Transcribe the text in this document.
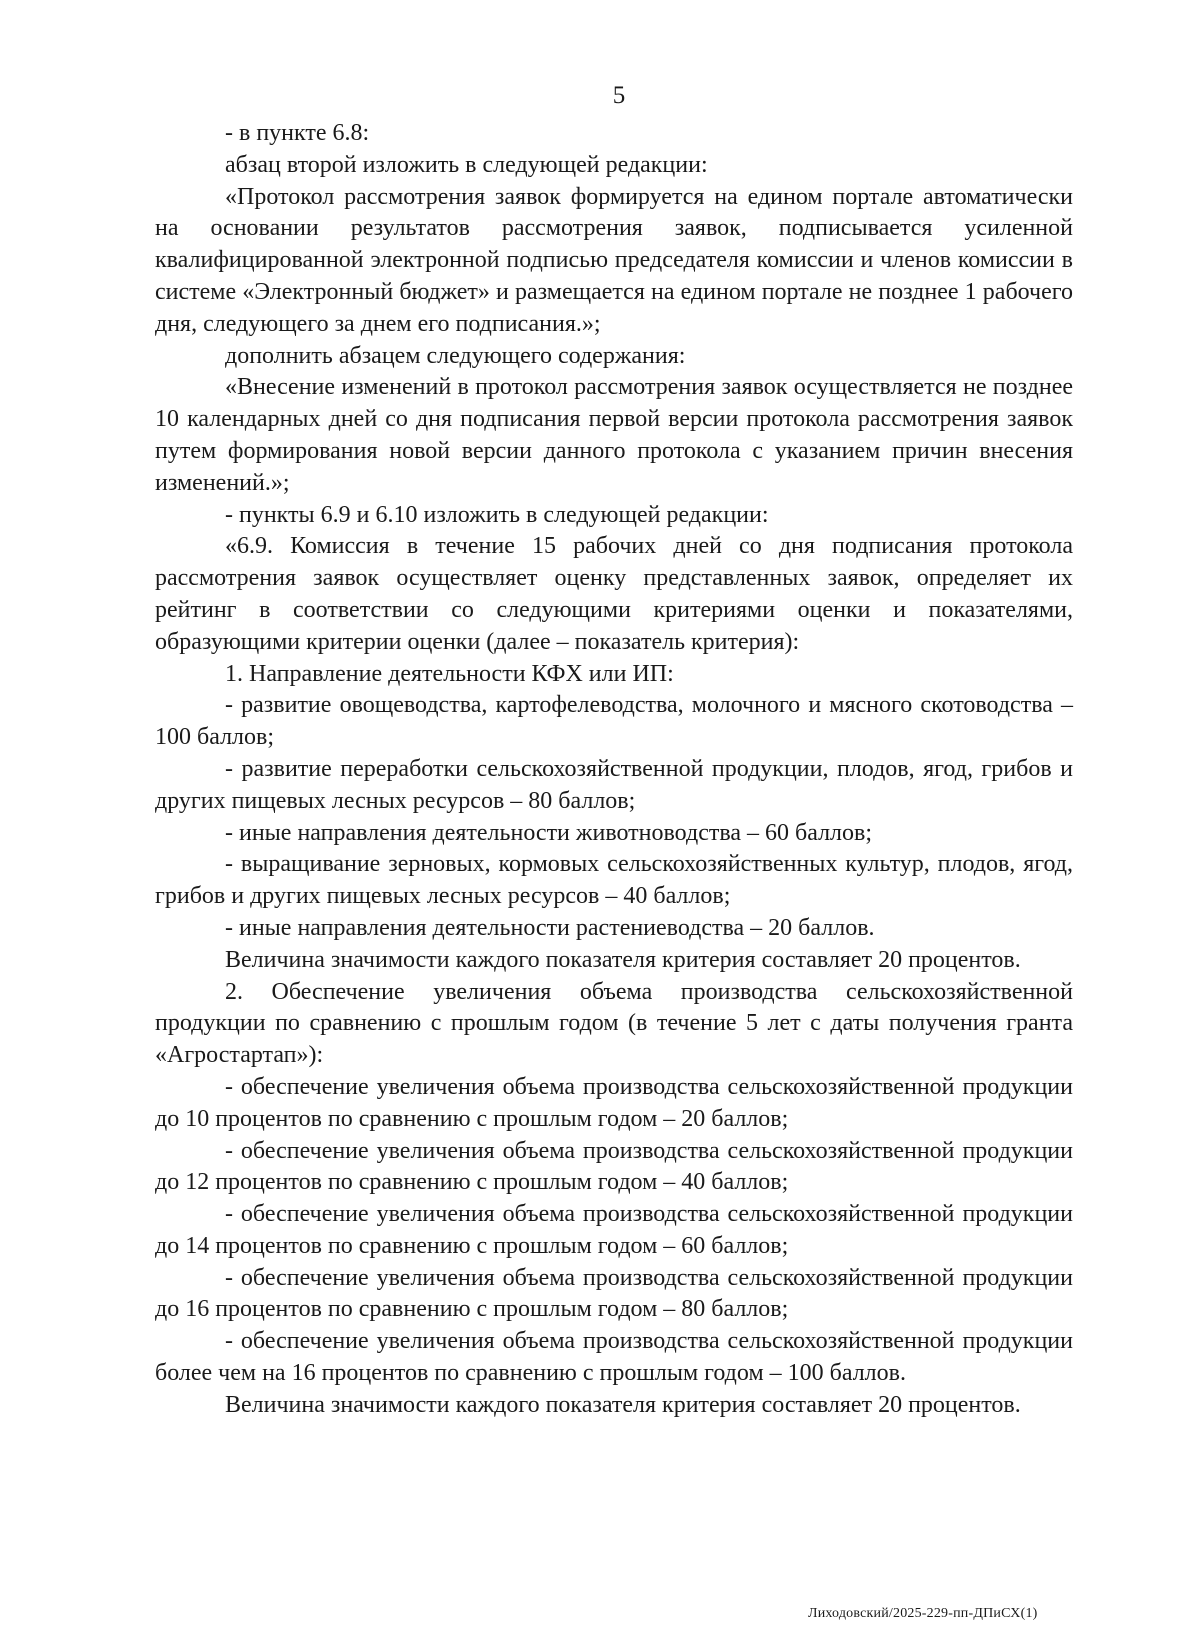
5

- в пункте 6.8:

абзац второй изложить в следующей редакции:

«Протокол рассмотрения заявок формируется на едином портале автоматически на основании результатов рассмотрения заявок, подписывается усиленной квалифицированной электронной подписью председателя комиссии и членов комиссии в системе «Электронный бюджет» и размещается на едином портале не позднее 1 рабочего дня, следующего за днем его подписания.»;

дополнить абзацем следующего содержания:

«Внесение изменений в протокол рассмотрения заявок осуществляется не позднее 10 календарных дней со дня подписания первой версии протокола рассмотрения заявок путем формирования новой версии данного протокола с указанием причин внесения изменений.»;

- пункты 6.9 и 6.10 изложить в следующей редакции:

«6.9. Комиссия в течение 15 рабочих дней со дня подписания протокола рассмотрения заявок осуществляет оценку представленных заявок, определяет их рейтинг в соответствии со следующими критериями оценки и показателями, образующими критерии оценки (далее – показатель критерия):

1. Направление деятельности КФХ или ИП:

- развитие овощеводства, картофелеводства, молочного и мясного скотоводства – 100 баллов;

- развитие переработки сельскохозяйственной продукции, плодов, ягод, грибов и других пищевых лесных ресурсов – 80 баллов;

- иные направления деятельности животноводства – 60 баллов;

- выращивание зерновых, кормовых сельскохозяйственных культур, плодов, ягод, грибов и других пищевых лесных ресурсов – 40 баллов;

- иные направления деятельности растениеводства – 20 баллов.

Величина значимости каждого показателя критерия составляет 20 процентов.

2. Обеспечение увеличения объема производства сельскохозяйственной продукции по сравнению с прошлым годом (в течение 5 лет с даты получения гранта «Агростартап»):

- обеспечение увеличения объема производства сельскохозяйственной продукции до 10 процентов по сравнению с прошлым годом – 20 баллов;

- обеспечение увеличения объема производства сельскохозяйственной продукции до 12 процентов по сравнению с прошлым годом – 40 баллов;

- обеспечение увеличения объема производства сельскохозяйственной продукции до 14 процентов по сравнению с прошлым годом – 60 баллов;

- обеспечение увеличения объема производства сельскохозяйственной продукции до 16 процентов по сравнению с прошлым годом – 80 баллов;

- обеспечение увеличения объема производства сельскохозяйственной продукции более чем на 16 процентов по сравнению с прошлым годом – 100 баллов.

Величина значимости каждого показателя критерия составляет 20 процентов.

Лиходовский/2025-229-пп-ДПиСХ(1)
